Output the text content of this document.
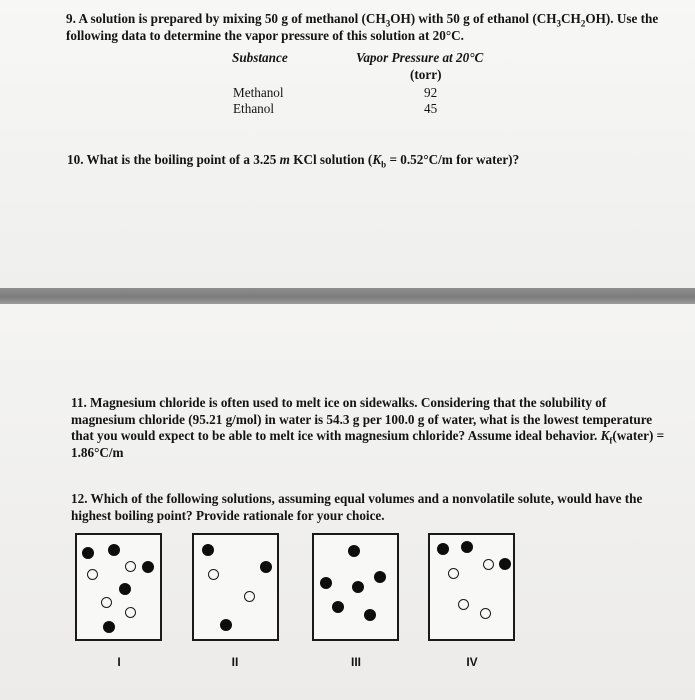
9. A solution is prepared by mixing 50 g of methanol $(CH_3OH)$ with 50 g of ethanol $(CH_3CH_2OH)$. Use the following data to determine the vapor pressure of this solution at 20°C.

Substance	Vapor Pressure at 20°C
(torr)
Methanol	92
Ethanol	45

10. What is the boiling point of a 3.25 m KCl solution ($K_b = 0.52^\circ C/m$ for water)?

11. Magnesium chloride is often used to melt ice on sidewalks. Considering that the solubility of magnesium chloride (95.21 g/mol) in water is 54.3 g per 100.0 g of water, what is the lowest temperature that you would expect to be able to melt ice with magnesium chloride? Assume ideal behavior. $K_f(water) = 1.86^\circ C/m$

12. Which of the following solutions, assuming equal volumes and a nonvolatile solute, would have the highest boiling point? Provide rationale for your choice.

I	II	III	IV
